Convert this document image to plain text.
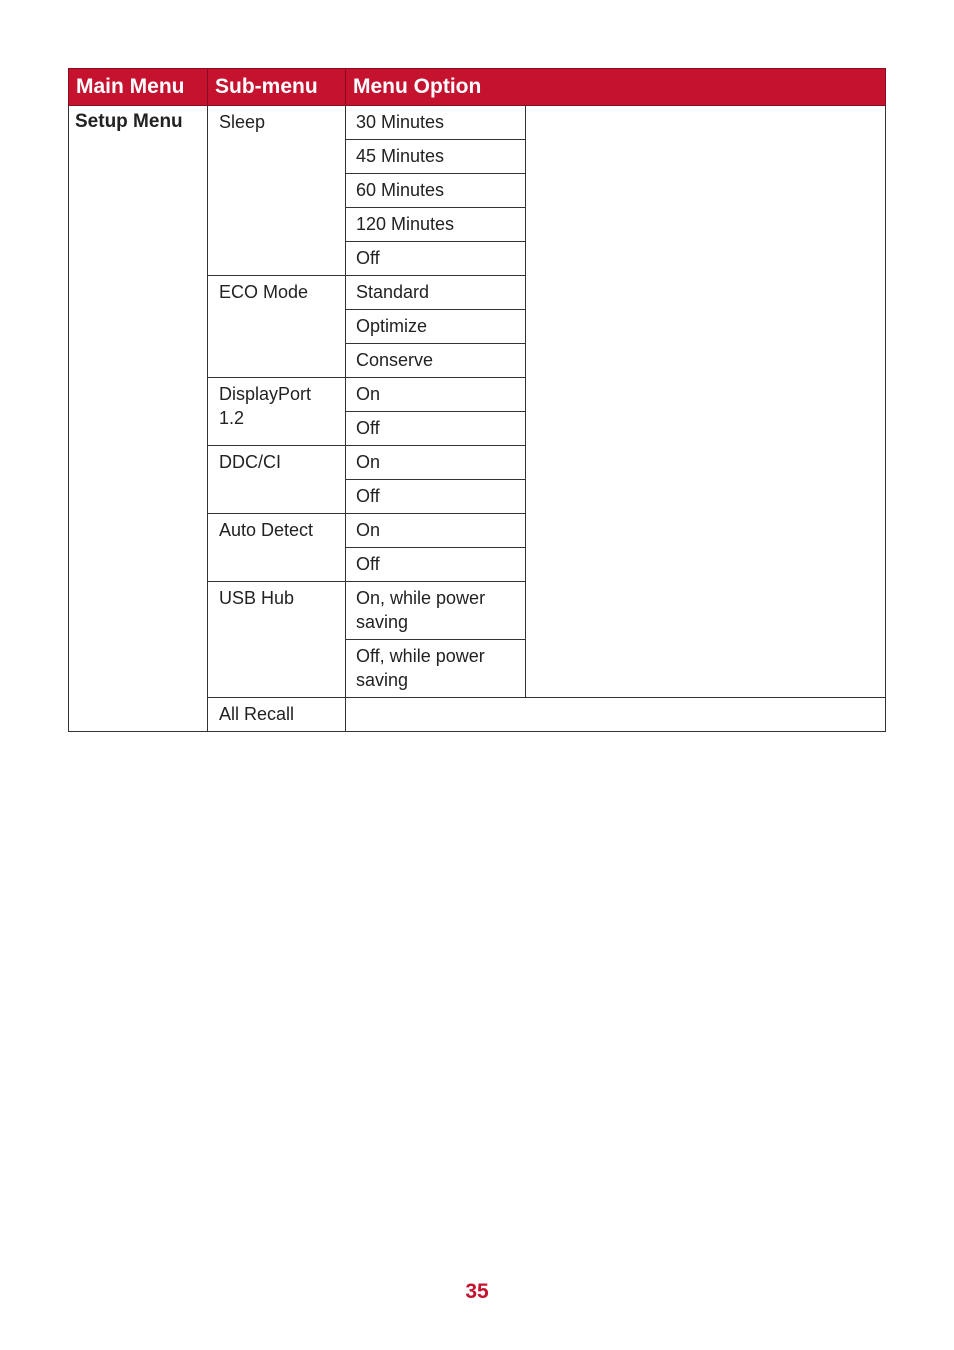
Main Menu	Sub-menu	Menu Option	
Setup Menu	Sleep	30 Minutes	
		45 Minutes	
		60 Minutes	
		120 Minutes	
		Off	
	ECO Mode	Standard	
		Optimize	
		Conserve	
	DisplayPort 1.2	On	
		Off	
	DDC/CI	On	
		Off	
	Auto Detect	On	
		Off	
	USB Hub	On, while power saving	
		Off, while power saving	
	All Recall		
35
